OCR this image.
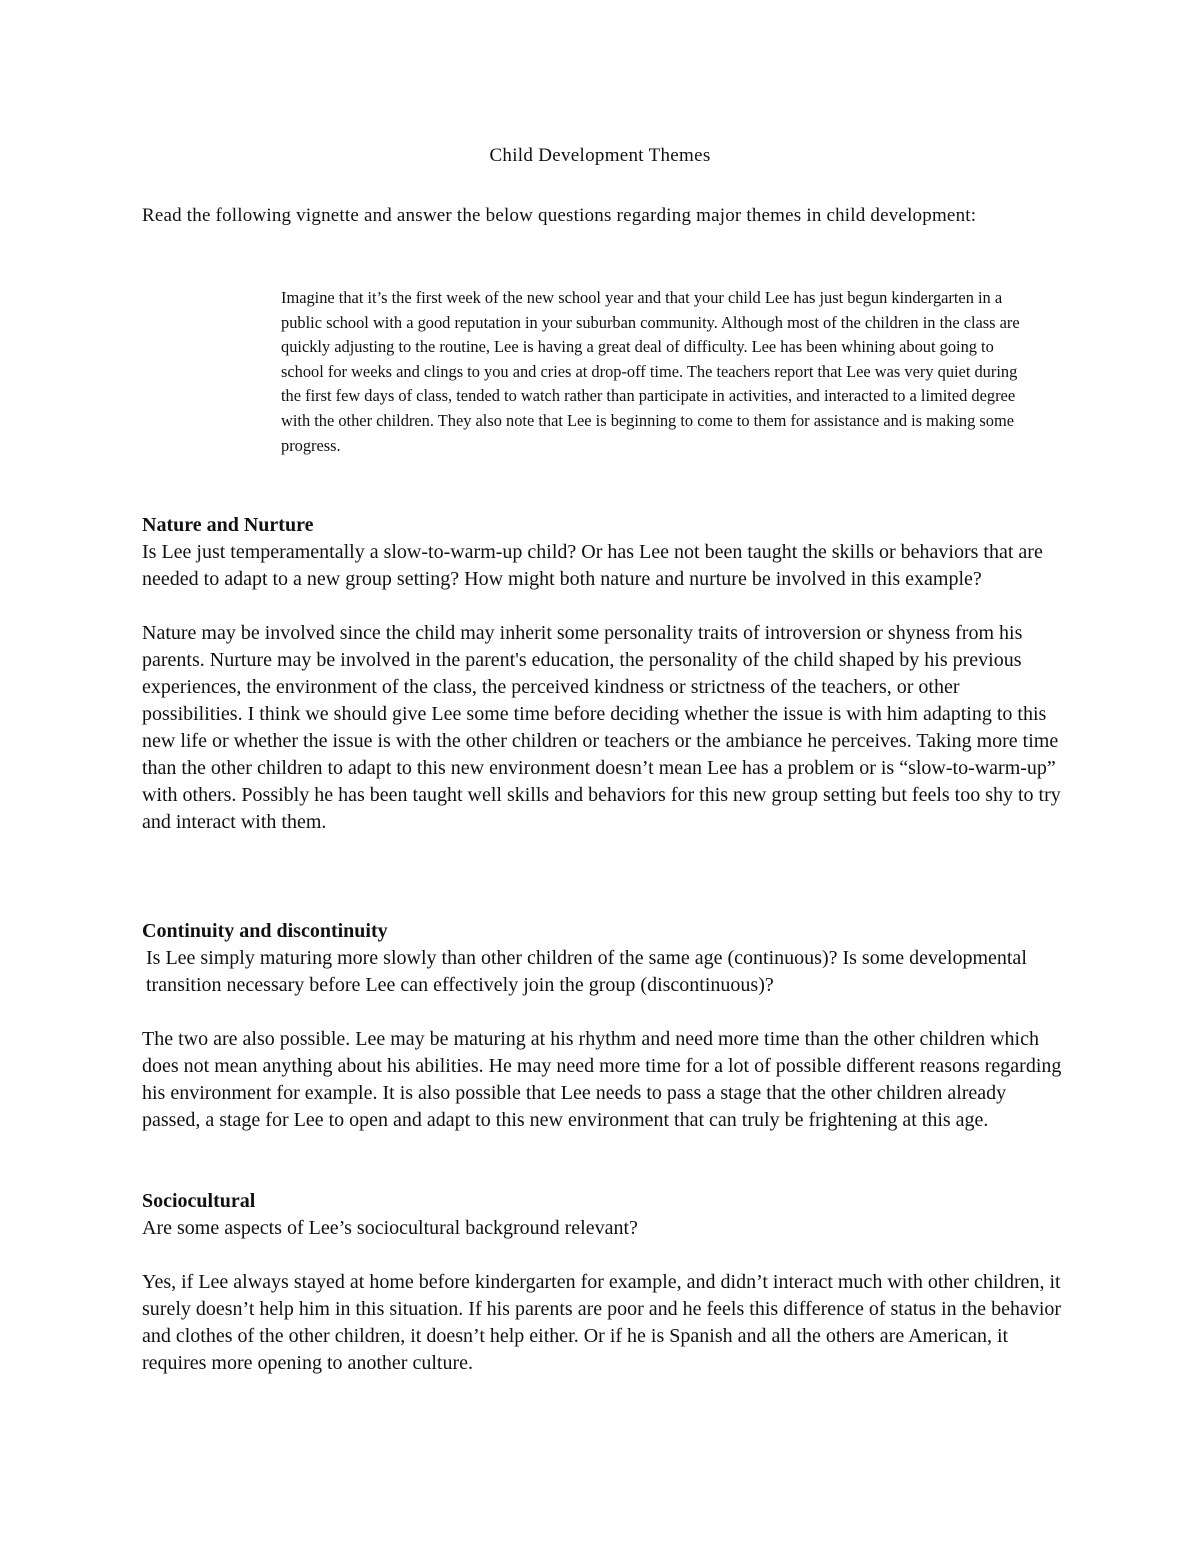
Child Development Themes
Read the following vignette and answer the below questions regarding major themes in child development:
Imagine that it’s the first week of the new school year and that your child Lee has just begun kindergarten in a public school with a good reputation in your suburban community. Although most of the children in the class are quickly adjusting to the routine, Lee is having a great deal of difficulty. Lee has been whining about going to school for weeks and clings to you and cries at drop-off time. The teachers report that Lee was very quiet during the first few days of class, tended to watch rather than participate in activities, and interacted to a limited degree with the other children. They also note that Lee is beginning to come to them for assistance and is making some progress.

Nature and Nurture

Is Lee just temperamentally a slow-to-warm-up child? Or has Lee not been taught the skills or behaviors that are needed to adapt to a new group setting? How might both nature and nurture be involved in this example?

Nature may be involved since the child may inherit some personality traits of introversion or shyness from his parents. Nurture may be involved in the parent's education, the personality of the child shaped by his previous experiences, the environment of the class, the perceived kindness or strictness of the teachers, or other possibilities. I think we should give Lee some time before deciding whether the issue is with him adapting to this new life or whether the issue is with the other children or teachers or the ambiance he perceives. Taking more time than the other children to adapt to this new environment doesn’t mean Lee has a problem or is “slow-to-warm-up” with others. Possibly he has been taught well skills and behaviors for this new group setting but feels too shy to try and interact with them.

Continuity and discontinuity

Is Lee simply maturing more slowly than other children of the same age (continuous)? Is some developmental transition necessary before Lee can effectively join the group (discontinuous)?

The two are also possible. Lee may be maturing at his rhythm and need more time than the other children which does not mean anything about his abilities. He may need more time for a lot of possible different reasons regarding his environment for example. It is also possible that Lee needs to pass a stage that the other children already passed, a stage for Lee to open and adapt to this new environment that can truly be frightening at this age.

Sociocultural

Are some aspects of Lee’s sociocultural background relevant?

Yes, if Lee always stayed at home before kindergarten for example, and didn’t interact much with other children, it surely doesn’t help him in this situation. If his parents are poor and he feels this difference of status in the behavior and clothes of the other children, it doesn’t help either. Or if he is Spanish and all the others are American, it requires more opening to another culture.
